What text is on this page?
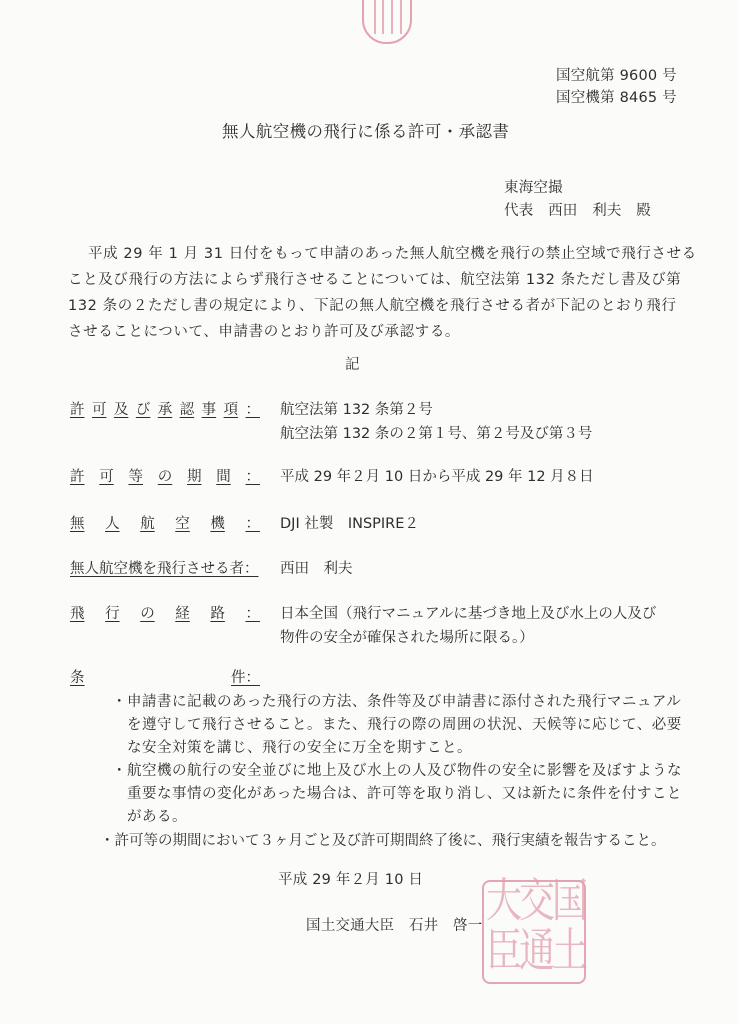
国空航第 9600 号
国空機第 8465 号
無人航空機の飛行に係る許可・承認書
東海空撮
代表　西田　利夫　殿
平成 29 年 1 月 31 日付をもって申請のあった無人航空機を飛行の禁止空域で飛行させる
こと及び飛行の方法によらず飛行させることについては、航空法第 132 条ただし書及び第
132 条の２ただし書の規定により、下記の無人航空機を飛行させる者が下記のとおり飛行
させることについて、申請書のとおり許可及び承認する。
記
許 可 及 び 承 認 事 項 ： 航空法第 132 条第２号
航空法第 132 条の２第１号、第２号及び第３号
許 可 等 の 期 間 ： 平成 29 年２月 10 日から平成 29 年 12 月８日
無 人 航 空 機 ： DJI 社製　INSPIRE２
無人航空機を飛行させる者： 西田　利夫
飛 行 の 経 路 ： 日本全国（飛行マニュアルに基づき地上及び水上の人及び
物件の安全が確保された場所に限る。）
条	件：
・申請書に記載のあった飛行の方法、条件等及び申請書に添付された飛行マニュアル
　を遵守して飛行させること。また、飛行の際の周囲の状況、天候等に応じて、必要
　な安全対策を講じ、飛行の安全に万全を期すこと。
・航空機の航行の安全並びに地上及び水上の人及び物件の安全に影響を及ぼすような
　重要な事情の変化があった場合は、許可等を取り消し、又は新たに条件を付すこと
　がある。
・許可等の期間において３ヶ月ごと及び許可期間終了後に、飛行実績を報告すること。
平成 29 年２月 10 日
国土交通大臣　石井　啓一 国
土
交
通
大
臣
